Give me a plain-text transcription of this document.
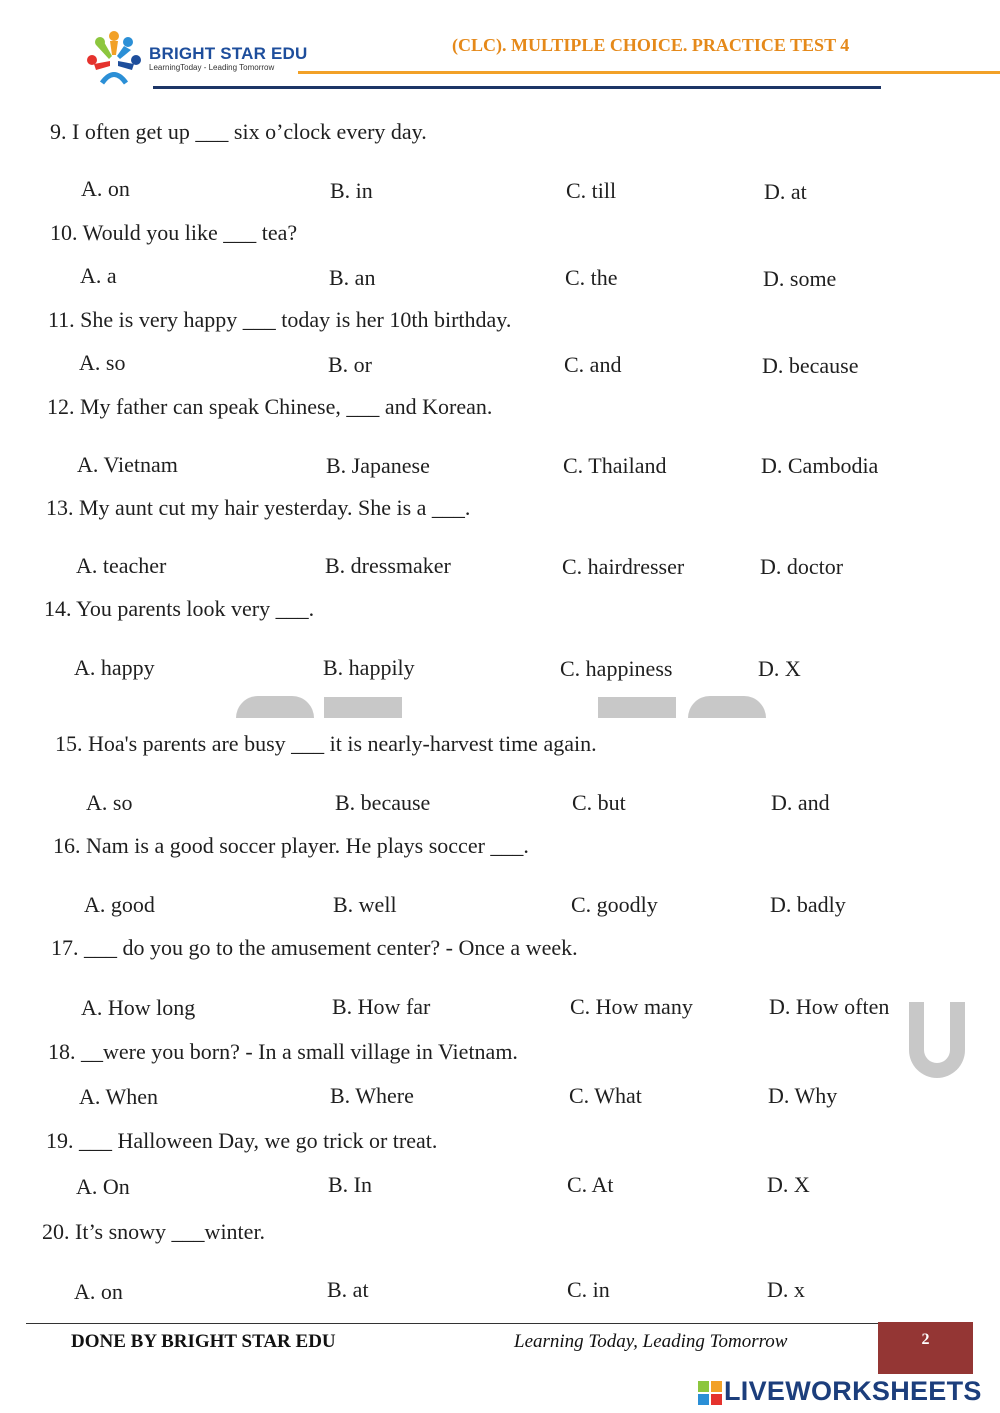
BRIGHT STAR EDU
LearningToday - Leading Tomorrow
(CLC). MULTIPLE CHOICE. PRACTICE TEST 4
9. I often get up ___ six o’clock every day.
A. on	B. in	C. till	D. at
10. Would you like ___ tea?
A. a	B. an	C. the	D. some
11. She is very happy ___ today is her 10th birthday.
A. so	B. or	C. and	D. because
12. My father can speak Chinese, ___ and Korean.
A. Vietnam	B. Japanese	C. Thailand	D. Cambodia
13. My aunt cut my hair yesterday. She is a ___.
A. teacher	B. dressmaker	C. hairdresser	D. doctor
14. You parents look very ___.
A. happy	B. happily	C. happiness	D. X
15. Hoa's parents are busy ___ it is nearly-harvest time again.
A. so	B. because	C. but	D. and
16. Nam is a good soccer player. He plays soccer ___.
A. good	B. well	C. goodly	D. badly
17. ___ do you go to the amusement center? - Once a week.
A. How long	B. How far	C. How many	D. How often
18. __were you born? - In a small village in Vietnam.
A. When	B. Where	C. What	D. Why
19. ___ Halloween Day, we go trick or treat.
A. On	B. In	C. At	D. X
20. It’s snowy ___winter.
A. on	B. at	C. in	D. x
DONE BY BRIGHT STAR EDU	Learning Today, Leading Tomorrow	2
LIVEWORKSHEETS
